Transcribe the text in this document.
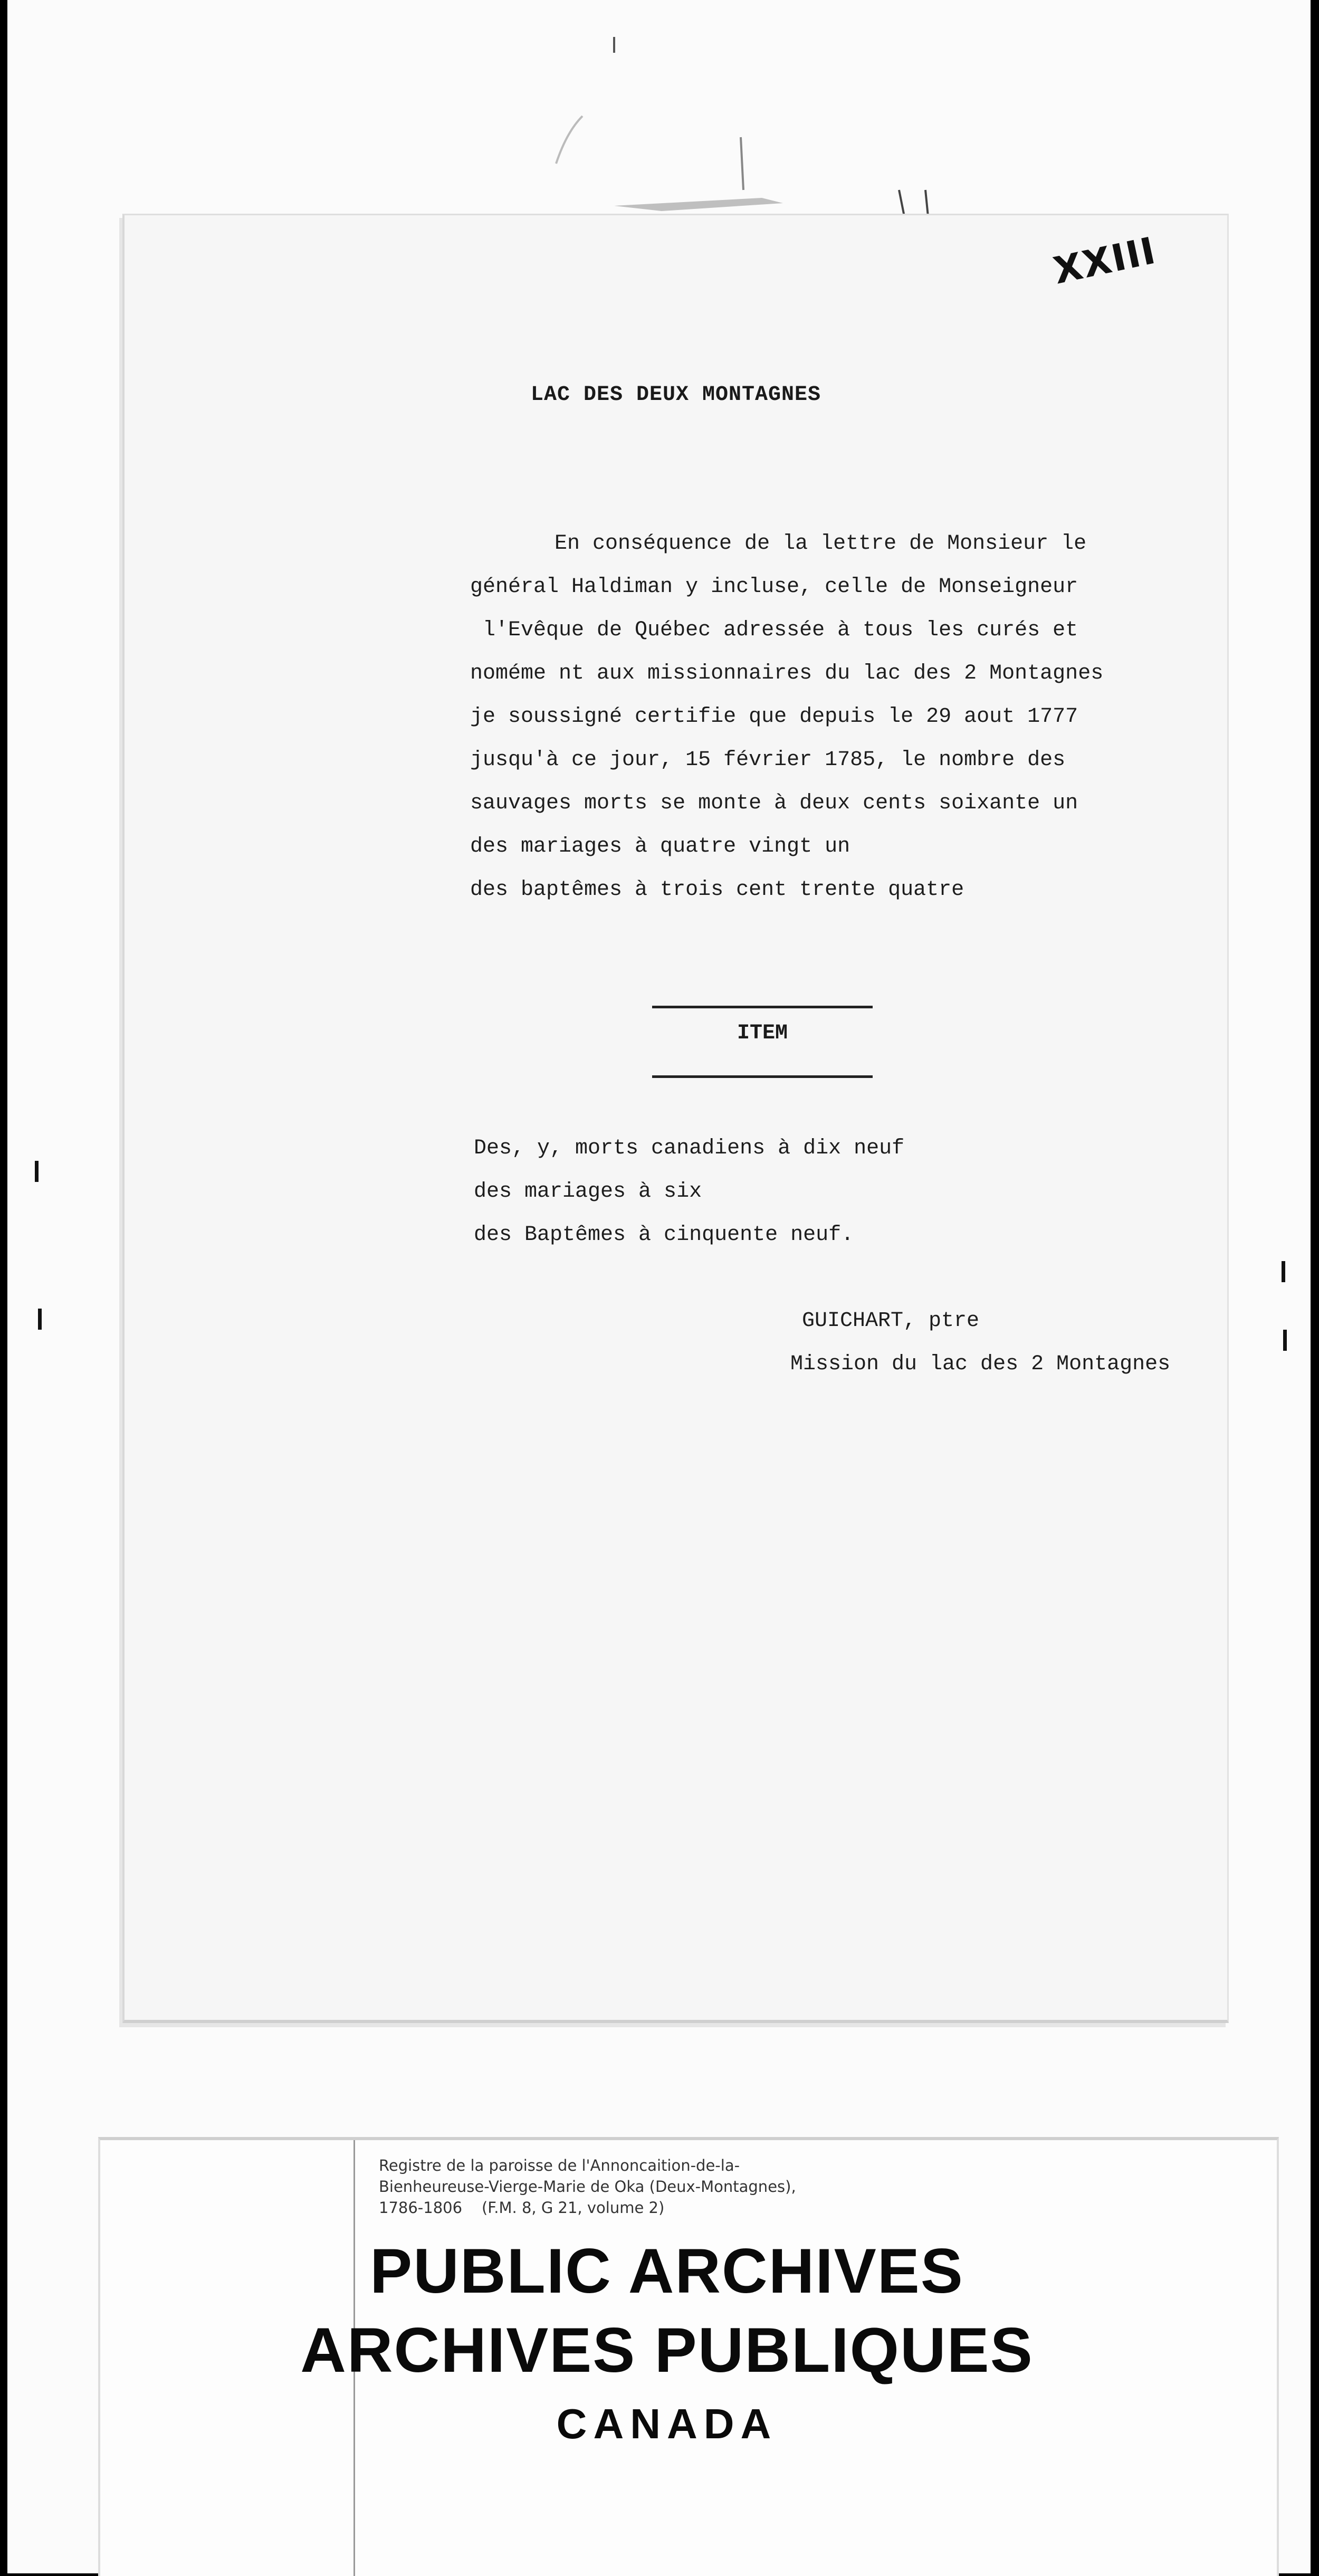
XXIII

LAC DES DEUX MONTAGNES

En conséquence de la lettre de Monsieur le
général Haldiman y incluse, celle de Monseigneur
l'Evêque de Québec adressée à tous les curés et
noméme nt aux missionnaires du lac des 2 Montagnes
je soussigné certifie que depuis le 29 aout 1777
jusqu'à ce jour, 15 février 1785, le nombre des
sauvages morts se monte à deux cents soixante un
des mariages à quatre vingt un
des baptêmes à trois cent trente quatre

ITEM

Des, y, morts canadiens à dix neuf
des mariages à six
des Baptêmes à cinquente neuf.
GUICHART, ptre
Mission du lac des 2 Montagnes

Registre de la paroisse de l'Annoncaition-de-la-
Bienheureuse-Vierge-Marie de Oka (Deux-Montagnes),
1786-1806    (F.M. 8, G 21, volume 2)

PUBLIC ARCHIVES

ARCHIVES PUBLIQUES

CANADA
